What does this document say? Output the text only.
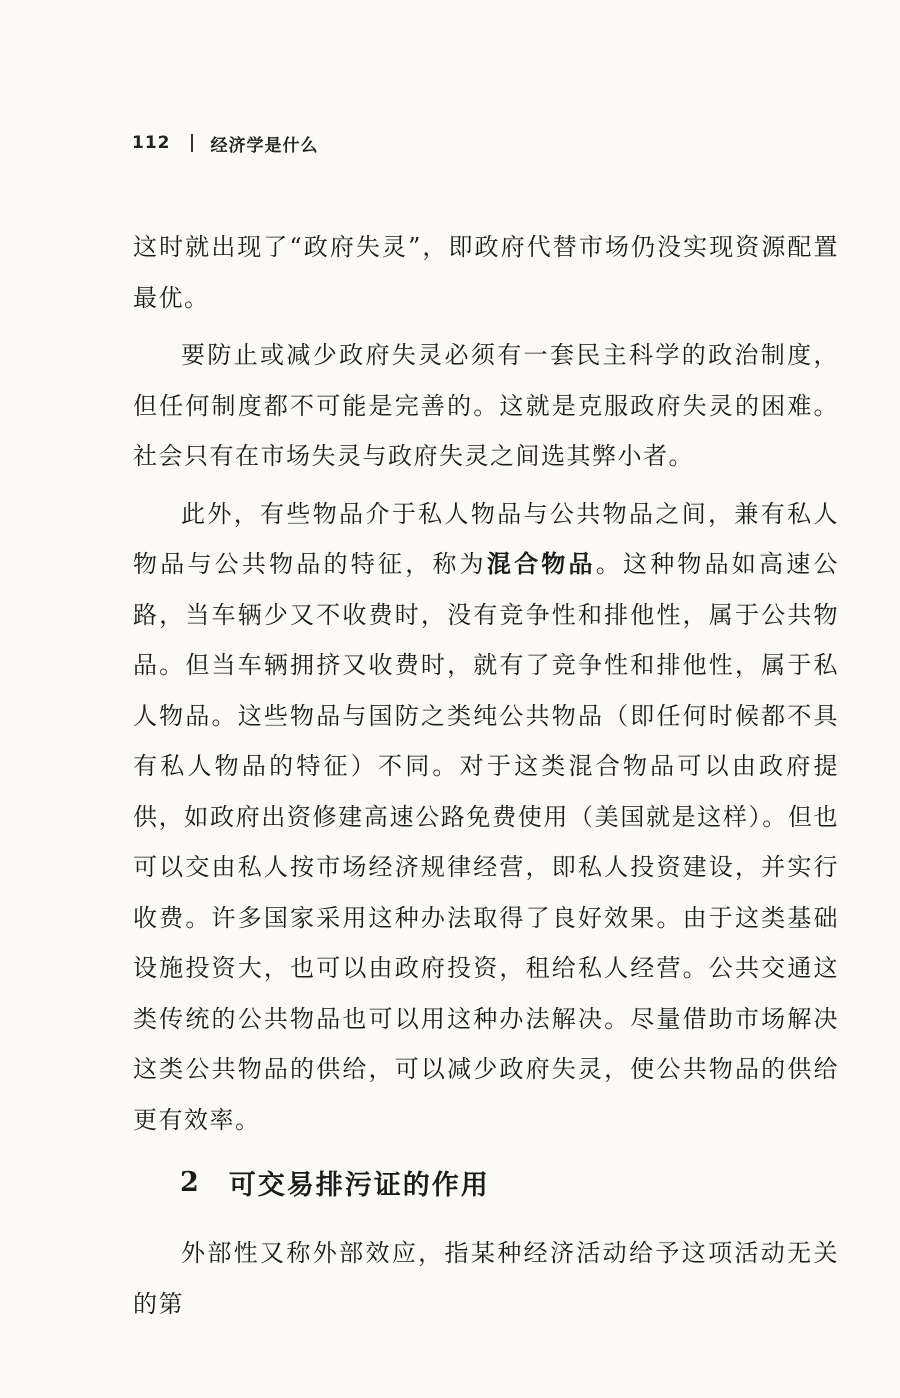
112 经济学是什么

这时就出现了“政府失灵”，即政府代替市场仍没实现资源配置最优。

要防止或减少政府失灵必须有一套民主科学的政治制度，但任何制度都不可能是完善的。这就是克服政府失灵的困难。社会只有在市场失灵与政府失灵之间选其弊小者。

此外，有些物品介于私人物品与公共物品之间，兼有私人物品与公共物品的特征，称为混合物品。这种物品如高速公路，当车辆少又不收费时，没有竞争性和排他性，属于公共物品。但当车辆拥挤又收费时，就有了竞争性和排他性，属于私人物品。这些物品与国防之类纯公共物品（即任何时候都不具有私人物品的特征）不同。对于这类混合物品可以由政府提供，如政府出资修建高速公路免费使用（美国就是这样）。但也可以交由私人按市场经济规律经营，即私人投资建设，并实行收费。许多国家采用这种办法取得了良好效果。由于这类基础设施投资大，也可以由政府投资，租给私人经营。公共交通这类传统的公共物品也可以用这种办法解决。尽量借助市场解决这类公共物品的供给，可以减少政府失灵，使公共物品的供给更有效率。

2 可交易排污证的作用

外部性又称外部效应，指某种经济活动给予这项活动无关的第
